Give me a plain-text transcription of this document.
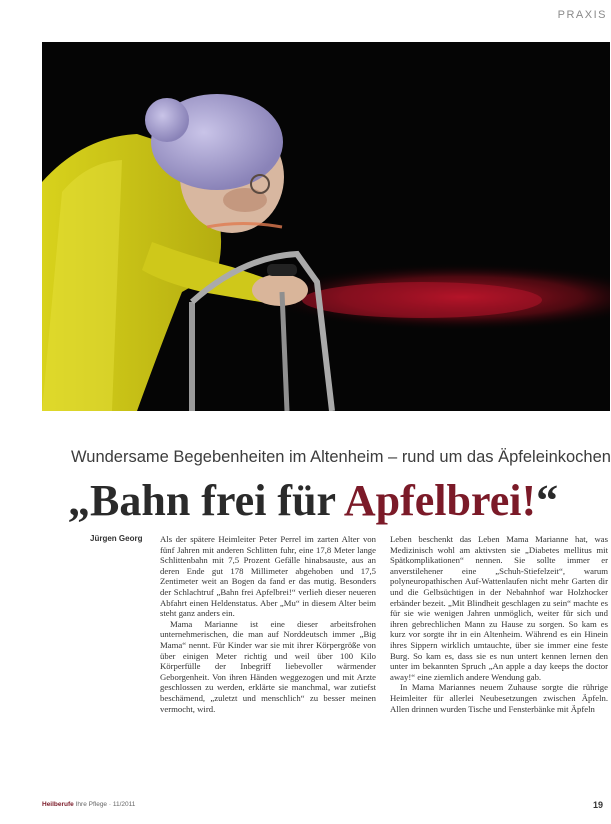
PRAXIS
Wundersame Begebenheiten im Altenheim – rund um das Äpfeleinkochen
„Bahn frei für Apfelbrei!“
Jürgen Georg Als der spätere Heimleiter Peter Perrel im zarten Alter von fünf Jahren mit anderen Schlitten fuhr, eine 17,8 Meter lange Schlittenbahn mit 7,5 Prozent Gefälle hinabsauste, aus an deren Ende gut 178 Millimeter abgehoben und 17,5 Zentimeter weit an Bogen da fand er das mutig. Besonders der Schlachtruf „Bahn frei Apfelbrei!“ verlieh dieser neueren Abfahrt einen Heldenstatus. Aber „Mu“ in diesem Alter beim steht ganz anders ein.

Mama Marianne ist eine dieser arbeitsfrohen unternehmerischen, die man auf Norddeutsch immer „Big Mama“ nennt. Für Kinder war sie mit ihrer Körpergröße von über einigen Meter richtig und weil über 100 Kilo Körperfülle der Inbegriff liebevoller wärmender Geborgenheit. Von ihren Händen weggezogen und mit Arzte geschlossen zu werden, erklärte sie manchmal, war zutiefst beschämend, „zuletzt und menschlich“ zu besser meinen vermocht, wird.

Leben beschenkt das Leben Mama Marianne hat, was Medizinisch wohl am aktivsten sie „Diabetes mellitus mit Spätkomplikationen“ nennen. Sie sollte immer er anverstilehener eine „Schuh-Stiefelzeit“, warum polyneuropathischen Auf-Wattenlaufen nicht mehr Garten dir und die Gelbsüchtigen in der Nebahnhof war Holzhocker erbänder bezeit. „Mit Blindheit geschlagen zu sein“ machte es für sie wie wenigen Jahren unmöglich, weiter für sich und ihren gebrechlichen Mann zu Hause zu sorgen. So kam es kurz vor sorgte ihr in ein Altenheim. Während es ein Hinein ihres Sippern wirklich umtauchte, über sie immer eine feste Burg. So kam es, dass sie es nun untert kennen lernen den unter im bekannten Spruch „An apple a day keeps the doctor away!“ eine ziemlich andere Wendung gab.

In Mama Mariannes neuem Zuhause sorgte die rührige Heimleiter für allerlei Neubesetzungen zwischen Äpfeln. Allen drinnen wurden Tische und Fensterbänke mit Äpfeln

Heilberufe Ihre Pflege · 11/2011	19
